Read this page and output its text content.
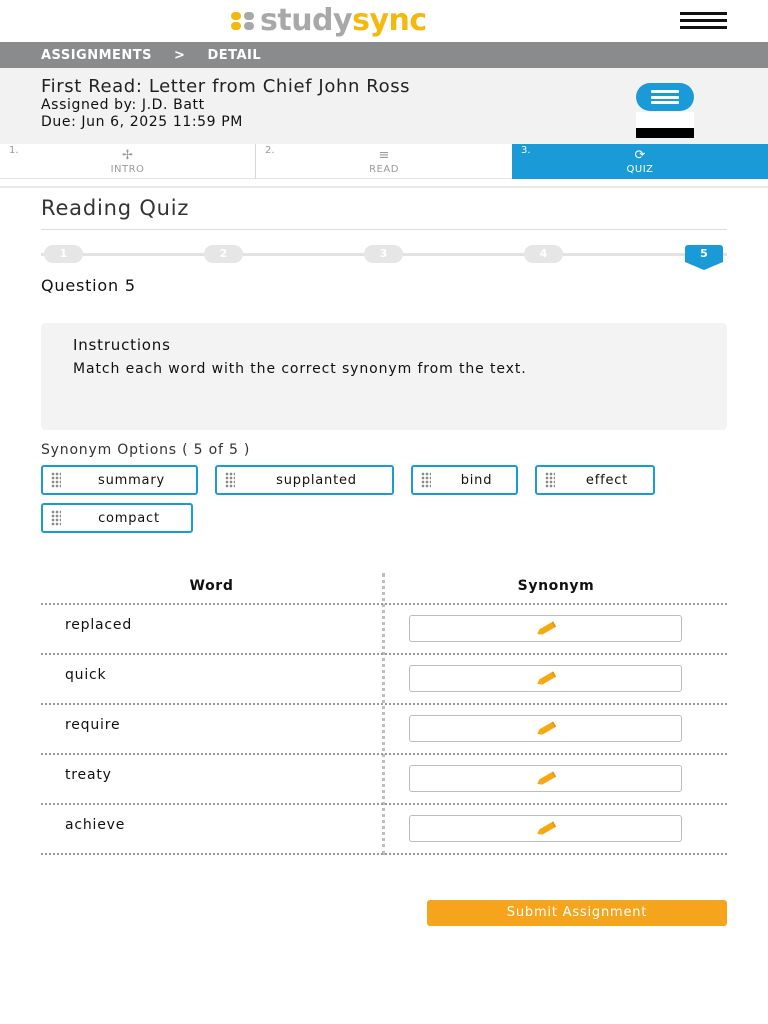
studysync
ASSIGNMENTS > DETAIL
First Read: Letter from Chief John Ross
Assigned by: J.D. Batt
Due: Jun 6, 2025 11:59 PM
1.	✢
INTRO
2.	≡
READ
3.	⟳
QUIZ
Reading Quiz
1	2	3	4	5
Question 5
Instructions
Match each word with the correct synonym from the text.
Synonym Options ( 5 of 5 )
summary	supplanted	bind	effect
compact
Word	Synonym
replaced
quick
require
treaty
achieve
Submit Assignment
